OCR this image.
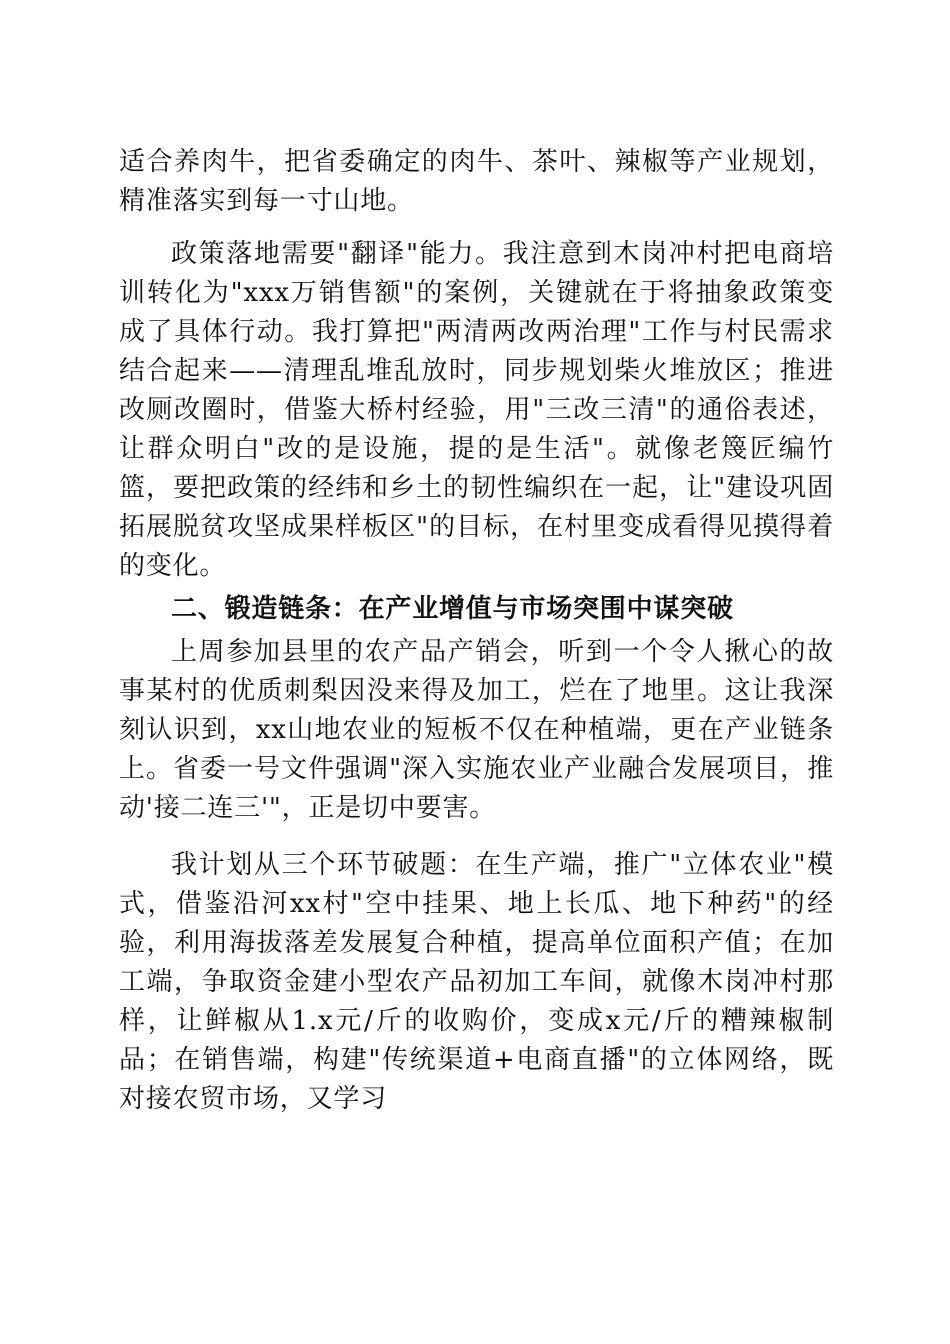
适合养肉牛，把省委确定的肉牛、茶叶、辣椒等产业规划，精准落实到每一寸山地。

政策落地需要"翻译"能力。我注意到木岗冲村把电商培训转化为"xxx万销售额"的案例，关键就在于将抽象政策变成了具体行动。我打算把"两清两改两治理"工作与村民需求结合起来——清理乱堆乱放时，同步规划柴火堆放区；推进改厕改圈时，借鉴大桥村经验，用"三改三清"的通俗表述，让群众明白"改的是设施，提的是生活"。就像老篾匠编竹篮，要把政策的经纬和乡土的韧性编织在一起，让"建设巩固拓展脱贫攻坚成果样板区"的目标，在村里变成看得见摸得着的变化。

二、锻造链条：在产业增值与市场突围中谋突破

上周参加县里的农产品产销会，听到一个令人揪心的故事某村的优质刺梨因没来得及加工，烂在了地里。这让我深刻认识到，xx山地农业的短板不仅在种植端，更在产业链条上。省委一号文件强调"深入实施农业产业融合发展项目，推动'接二连三'"，正是切中要害。

我计划从三个环节破题：在生产端，推广"立体农业"模式，借鉴沿河xx村"空中挂果、地上长瓜、地下种药"的经验，利用海拔落差发展复合种植，提高单位面积产值；在加工端，争取资金建小型农产品初加工车间，就像木岗冲村那样，让鲜椒从1.x元/斤的收购价，变成x元/斤的糟辣椒制品；在销售端，构建"传统渠道+电商直播"的立体网络，既对接农贸市场，又学习
